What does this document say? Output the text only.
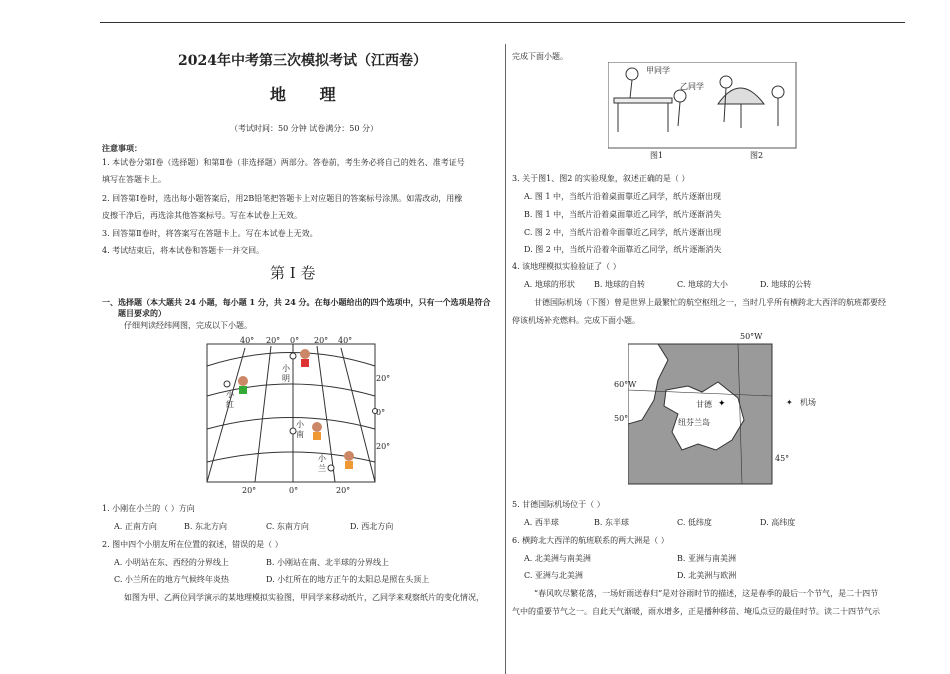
2024年中考第三次模拟考试（江西卷）
地 理
（考试时间：50 分钟 试卷满分：50 分）
注意事项：
1. 本试卷分第Ⅰ卷（选择题）和第Ⅱ卷（非选择题）两部分。答卷前，考生务必将自己的姓名、准考证号
填写在答题卡上。
2. 回答第Ⅰ卷时，选出每小题答案后，用2B铅笔把答题卡上对应题目的答案标号涂黑。如需改动，用橡
皮擦干净后，再选涂其他答案标号。写在本试卷上无效。
3. 回答第Ⅱ卷时，将答案写在答题卡上。写在本试卷上无效。
4. 考试结束后，将本试卷和答题卡一并交回。
第 Ⅰ 卷
一、选择题（本大题共 24 小题，每小题 1 分，共 24 分。在每小题给出的四个选项中，只有一个选项是符合
题目要求的）
仔细判读经纬网图，完成以下小题。
40° 20° 0° 20° 40°
20°	0°	20°
20°
0°
20°
小明
小红
小南
小兰
1. 小刚在小兰的（ ）方向
A. 正南方向	B. 东北方向	C. 东南方向	D. 西北方向
2. 图中四个小朋友所在位置的叙述，错误的是（ ）
A. 小明站在东、西经的分界线上	B. 小刚站在南、北半球的分界线上
C. 小兰所在的地方气候终年炎热	D. 小红所在的地方正午的太阳总是照在头顶上
如图为甲、乙两位同学演示的某地理模拟实验图，甲同学来移动纸片，乙同学来观察纸片的变化情况，
完成下面小题。
甲同学
乙同学
图1	图2
3. 关于图1、图2 的实验现象，叙述正确的是（ ）
A. 图 1 中，当纸片沿着桌面靠近乙同学，纸片逐渐出现
B. 图 1 中，当纸片沿着桌面靠近乙同学，纸片逐渐消失
C. 图 2 中，当纸片沿着伞面靠近乙同学，纸片逐渐出现
D. 图 2 中，当纸片沿着伞面靠近乙同学，纸片逐渐消失
4. 该地理模拟实验验证了（ ）
A. 地球的形状 B. 地球的自转	C. 地球的大小	D. 地球的公转
甘德国际机场（下图）曾是世界上最繁忙的航空枢纽之一，当时几乎所有横跨北大西洋的航班都要经
停该机场补充燃料。完成下面小题。
✦
50°W
60°W
50°
45°
甘德
纽芬兰岛
✦ 机场
5. 甘德国际机场位于（ ）
A. 西半球	B. 东半球	C. 低纬度	D. 高纬度
6. 横跨北大西洋的航班联系的两大洲是（ ）
A. 北美洲与南美洲	B. 亚洲与南美洲
C. 亚洲与北美洲	D. 北美洲与欧洲
“春风吹尽繁花落，一场好雨送春归”是对谷雨时节的描述，这是春季的最后一个节气，是二十四节
气中的重要节气之一。自此天气渐暖，雨水增多，正是播种移苗、埯瓜点豆的最佳时节。读二十四节气示
